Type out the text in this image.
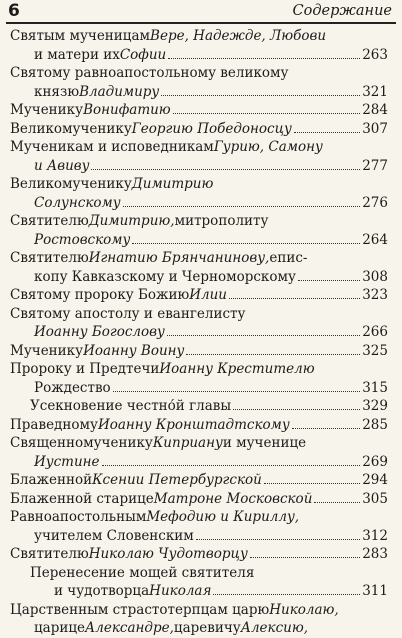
6	Содержание
Святым мученицам Вере, Надежде, Любови
и матери их Софии	263
Святому равноапостольному великому
князю Владимиру	321
Мученику Вонифатию	284
Великомученику Георгию Победоносцу	307
Мученикам и исповедникам Гурию, Самону
и Авиву	277
Великомученику Димитрию
Солунскому	276
Святителю Димитрию, митрополиту
Ростовскому	264
Святителю Игнатию Брянчанинову, епис-
копу Кавказскому и Черноморскому	308
Святому пророку Божию Илии	323
Святому апостолу и евангелисту
Иоанну Богослову	266
Мученику Иоанну Воину	325
Пророку и Предтечи Иоанну Крестителю
Рождество	315
Усекновение честно́й главы	329
Праведному Иоанну Кронштадтскому	285
Священномученику Киприану и мученице
Иустине	269
Блаженной Ксении Петербургской	294
Блаженной старице Матроне Московской	305
Равноапостольным Мефодию и Кириллу,
учителем Словенским	312
Святителю Николаю Чудотворцу	283
Перенесение мощей святителя
и чудотворца Николая	311
Царственным страстотерпцам царю Николаю,
царице Александре, царевичу Алексию,
